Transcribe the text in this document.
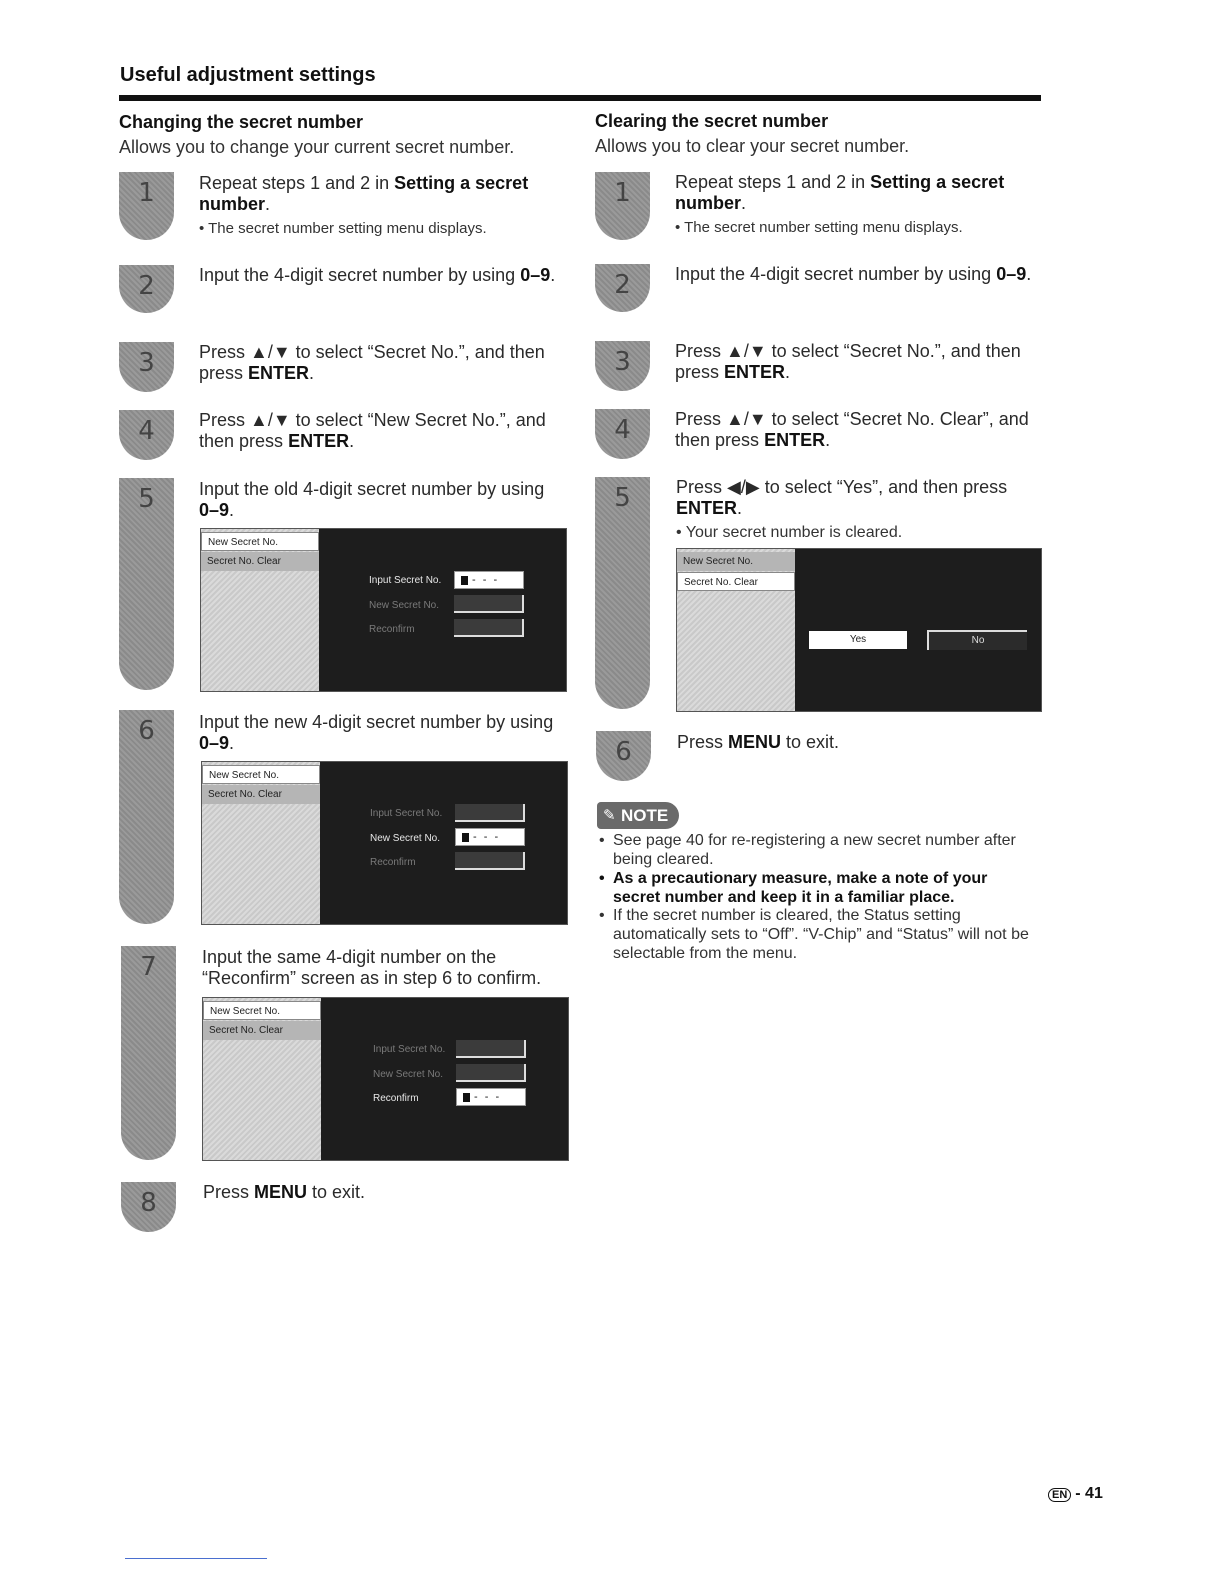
Useful adjustment settings
Changing the secret number
Allows you to change your current secret number.
1	Repeat steps 1 and 2 in Setting a secret number.
• The secret number setting menu displays.
2	Input the 4-digit secret number by using 0–9.
3	Press ▲/▼ to select “Secret No.”, and then press ENTER.
4	Press ▲/▼ to select “New Secret No.”, and then press ENTER.
5	Input the old 4-digit secret number by using 0–9.
New Secret No.
Secret No. Clear
Input Secret No.	- - -
New Secret No.
Reconfirm
6	Input the new 4-digit secret number by using 0–9.
New Secret No.
Secret No. Clear
Input Secret No.
New Secret No.	- - -
Reconfirm
7	Input the same 4-digit number on the “Reconfirm” screen as in step 6 to confirm.
New Secret No.
Secret No. Clear
Input Secret No.
New Secret No.
Reconfirm	- - -
8	Press MENU to exit.
Clearing the secret number
Allows you to clear your secret number.
1	Repeat steps 1 and 2 in Setting a secret number.
• The secret number setting menu displays.
2	Input the 4-digit secret number by using 0–9.
3	Press ▲/▼ to select “Secret No.”, and then press ENTER.
4	Press ▲/▼ to select “Secret No. Clear”, and then press ENTER.
5	Press ◀/▶ to select “Yes”, and then press ENTER.
• Your secret number is cleared.
New Secret No.
Secret No. Clear
Yes	No
6	Press MENU to exit.
✎ NOTE
• See page 40 for re-registering a new secret number after being cleared.
• As a precautionary measure, make a note of your secret number and keep it in a familiar place.
• If the secret number is cleared, the Status setting automatically sets to “Off”. “V-Chip” and “Status” will not be selectable from the menu.
EN - 41
